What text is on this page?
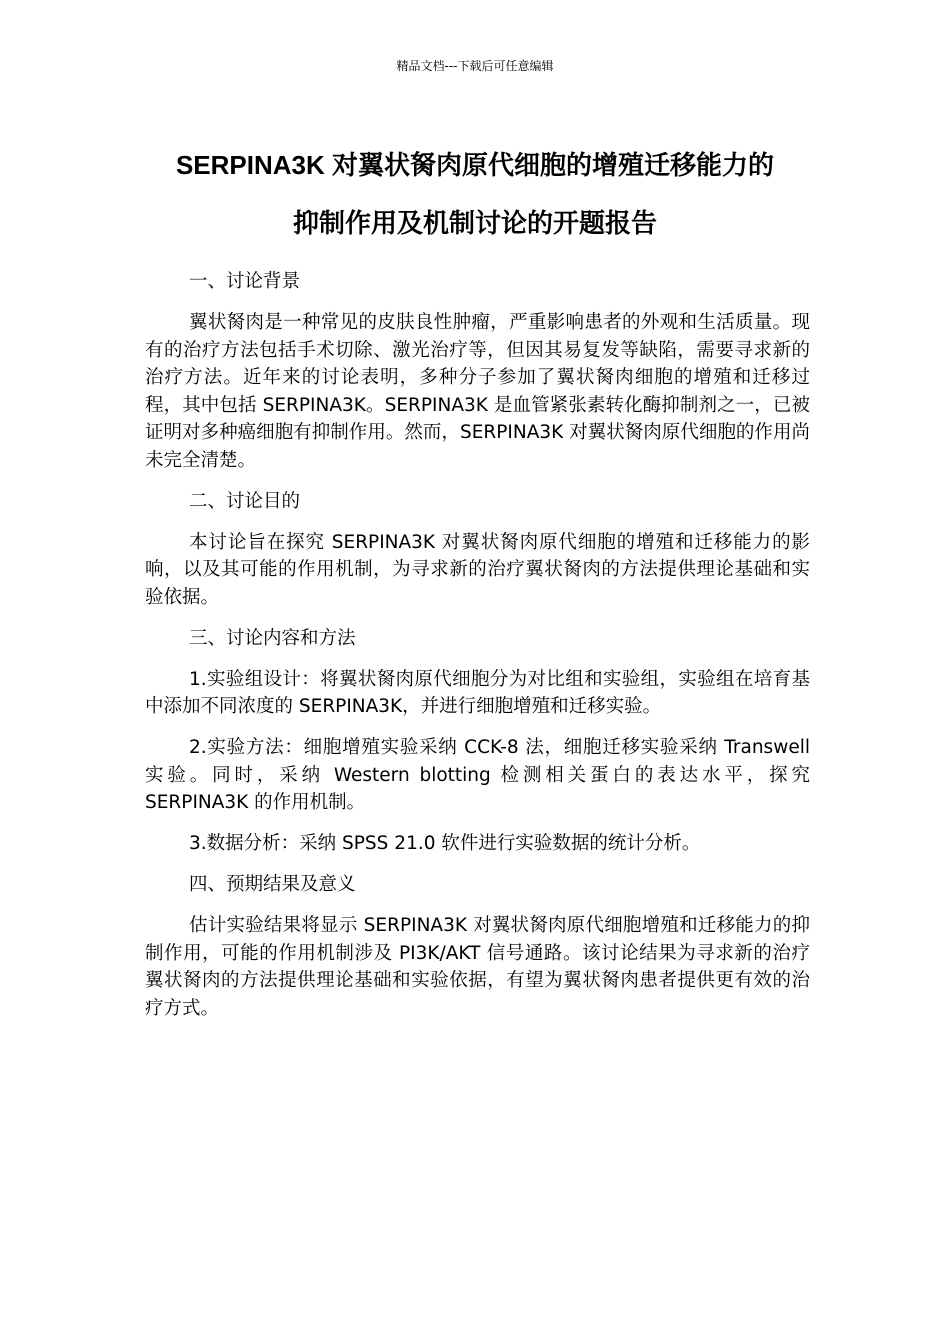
精品文档---下载后可任意编辑
SERPINA3K 对翼状胬肉原代细胞的增殖迁移能力的
抑制作用及机制讨论的开题报告

一、讨论背景

翼状胬肉是一种常见的皮肤良性肿瘤，严重影响患者的外观和生活质量。现有的治疗方法包括手术切除、激光治疗等，但因其易复发等缺陷，需要寻求新的治疗方法。近年来的讨论表明，多种分子参加了翼状胬肉细胞的增殖和迁移过程，其中包括 SERPINA3K。SERPINA3K 是血管紧张素转化酶抑制剂之一，已被证明对多种癌细胞有抑制作用。然而，SERPINA3K 对翼状胬肉原代细胞的作用尚未完全清楚。

二、讨论目的

本讨论旨在探究 SERPINA3K 对翼状胬肉原代细胞的增殖和迁移能力的影响，以及其可能的作用机制，为寻求新的治疗翼状胬肉的方法提供理论基础和实验依据。

三、讨论内容和方法

1.实验组设计：将翼状胬肉原代细胞分为对比组和实验组，实验组在培育基中添加不同浓度的 SERPINA3K，并进行细胞增殖和迁移实验。

2.实验方法：细胞增殖实验采纳 CCK-8 法，细胞迁移实验采纳 Transwell 实验。同时，采纳 Western blotting 检测相关蛋白的表达水平，探究 SERPINA3K 的作用机制。

3.数据分析：采纳 SPSS 21.0 软件进行实验数据的统计分析。

四、预期结果及意义

估计实验结果将显示 SERPINA3K 对翼状胬肉原代细胞增殖和迁移能力的抑制作用，可能的作用机制涉及 PI3K/AKT 信号通路。该讨论结果为寻求新的治疗翼状胬肉的方法提供理论基础和实验依据，有望为翼状胬肉患者提供更有效的治疗方式。
